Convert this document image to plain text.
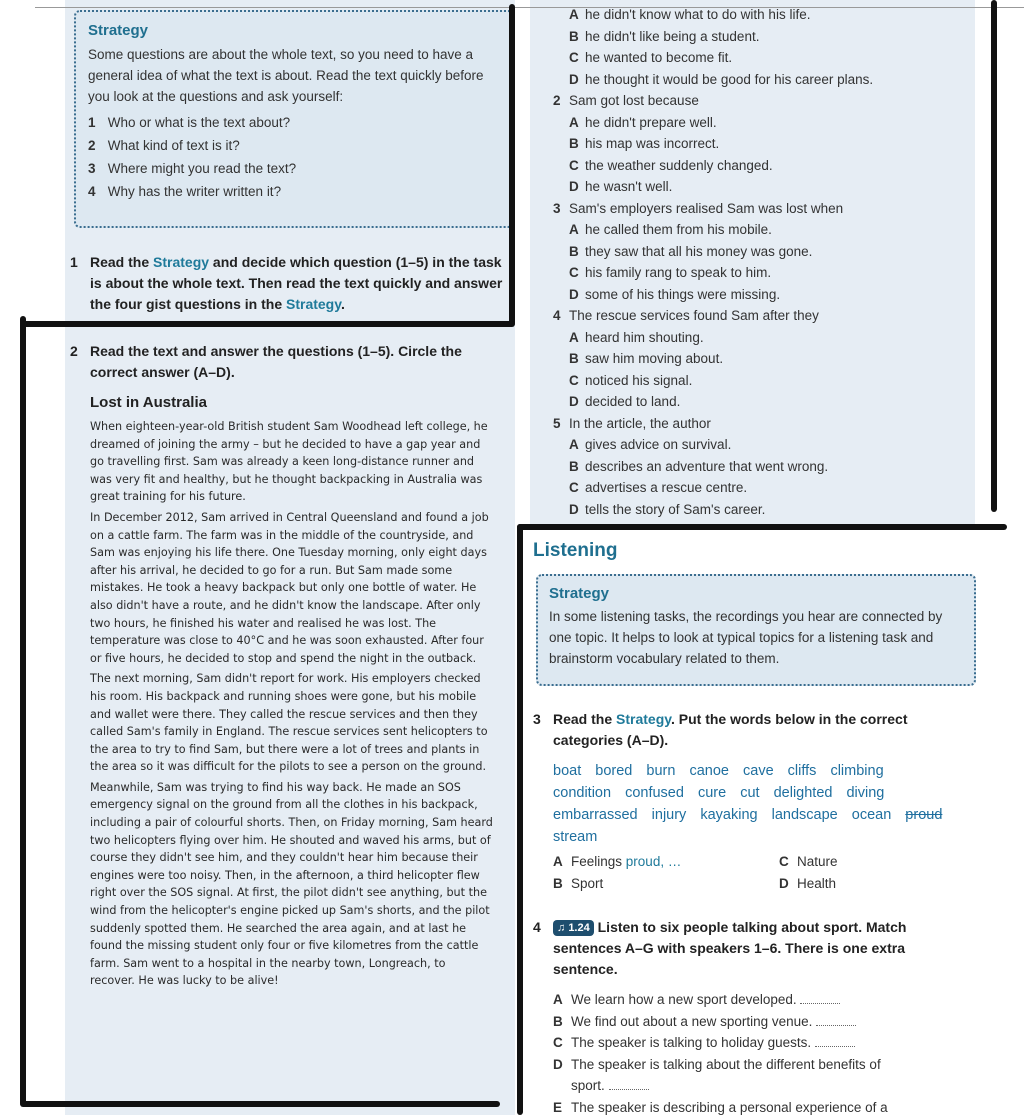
Strategy
Some questions are about the whole text, so you need to have a general idea of what the text is about. Read the text quickly before you look at the questions and ask yourself:
1 Who or what is the text about?
2 What kind of text is it?
3 Where might you read the text?
4 Why has the writer written it?
1 Read the Strategy and decide which question (1–5) in the task is about the whole text. Then read the text quickly and answer the four gist questions in the Strategy.
2 Read the text and answer the questions (1–5). Circle the correct answer (A–D).
Lost in Australia

When eighteen-year-old British student Sam Woodhead left college, he dreamed of joining the army – but he decided to have a gap year and go travelling first. Sam was already a keen long-distance runner and was very fit and healthy, but he thought backpacking in Australia was great training for his future.

In December 2012, Sam arrived in Central Queensland and found a job on a cattle farm. The farm was in the middle of the countryside, and Sam was enjoying his life there. One Tuesday morning, only eight days after his arrival, he decided to go for a run. But Sam made some mistakes. He took a heavy backpack but only one bottle of water. He also didn't have a route, and he didn't know the landscape. After only two hours, he finished his water and realised he was lost. The temperature was close to 40°C and he was soon exhausted. After four or five hours, he decided to stop and spend the night in the outback.

The next morning, Sam didn't report for work. His employers checked his room. His backpack and running shoes were gone, but his mobile and wallet were there. They called the rescue services and then they called Sam's family in England. The rescue services sent helicopters to the area to try to find Sam, but there were a lot of trees and plants in the area so it was difficult for the pilots to see a person on the ground.

Meanwhile, Sam was trying to find his way back. He made an SOS emergency signal on the ground from all the clothes in his backpack, including a pair of colourful shorts. Then, on Friday morning, Sam heard two helicopters flying over him. He shouted and waved his arms, but of course they didn't see him, and they couldn't hear him because their engines were too noisy. Then, in the afternoon, a third helicopter flew right over the SOS signal. At first, the pilot didn't see anything, but the wind from the helicopter's engine picked up Sam's shorts, and the pilot suddenly spotted them. He searched the area again, and at last he found the missing student only four or five kilometres from the cattle farm. Sam went to a hospital in the nearby town, Longreach, to recover. He was lucky to be alive!

A he didn't know what to do with his life.
B he didn't like being a student.
C he wanted to become fit.
D he thought it would be good for his career plans.
2 Sam got lost because
A he didn't prepare well.
B his map was incorrect.
C the weather suddenly changed.
D he wasn't well.
3 Sam's employers realised Sam was lost when
A he called them from his mobile.
B they saw that all his money was gone.
C his family rang to speak to him.
D some of his things were missing.
4 The rescue services found Sam after they
A heard him shouting.
B saw him moving about.
C noticed his signal.
D decided to land.
5 In the article, the author
A gives advice on survival.
B describes an adventure that went wrong.
C advertises a rescue centre.
D tells the story of Sam's career.
Listening
Strategy
In some listening tasks, the recordings you hear are connected by one topic. It helps to look at typical topics for a listening task and brainstorm vocabulary related to them.
3 Read the Strategy. Put the words below in the correct categories (A–D).
boat bored burn canoe cave cliffs climbing condition confused cure cut delighted diving embarrassed injury kayaking landscape ocean proud stream
A Feelings proud, …
B Sport
C Nature
D Health
4	♫ 1.24 Listen to six people talking about sport. Match sentences A–G with speakers 1–6. There is one extra sentence.
A We learn how a new sport developed.
B We find out about a new sporting venue.
C The speaker is talking to holiday guests.
D The speaker is talking about the different benefits of
sport.
E The speaker is describing a personal experience of a
